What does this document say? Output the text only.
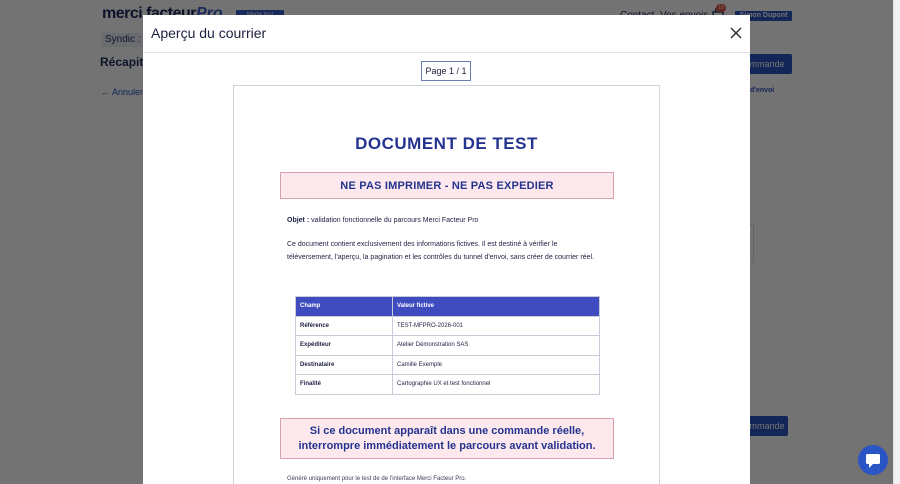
Aperçu du courrier
Page 1 / 1
DOCUMENT DE TEST
NE PAS IMPRIMER - NE PAS EXPEDIER
Objet : validation fonctionnelle du parcours Merci Facteur Pro
Ce document contient exclusivement des informations fictives. Il est destiné à vérifier le téléversement, l'aperçu, la pagination et les contrôles du tunnel d'envoi, sans créer de courrier réel.
Champ	Valeur fictive
Référence	TEST-MFPRO-2026-001
Expéditeur	Atelier Démonstration SAS
Destinataire	Camille Exemple
Finalité	Cartographie UX et test fonctionnel
Si ce document apparaît dans une commande réelle,
interrompre immédiatement le parcours avant validation.
Généré uniquement pour le test de de l'interface Merci Facteur Pro.
